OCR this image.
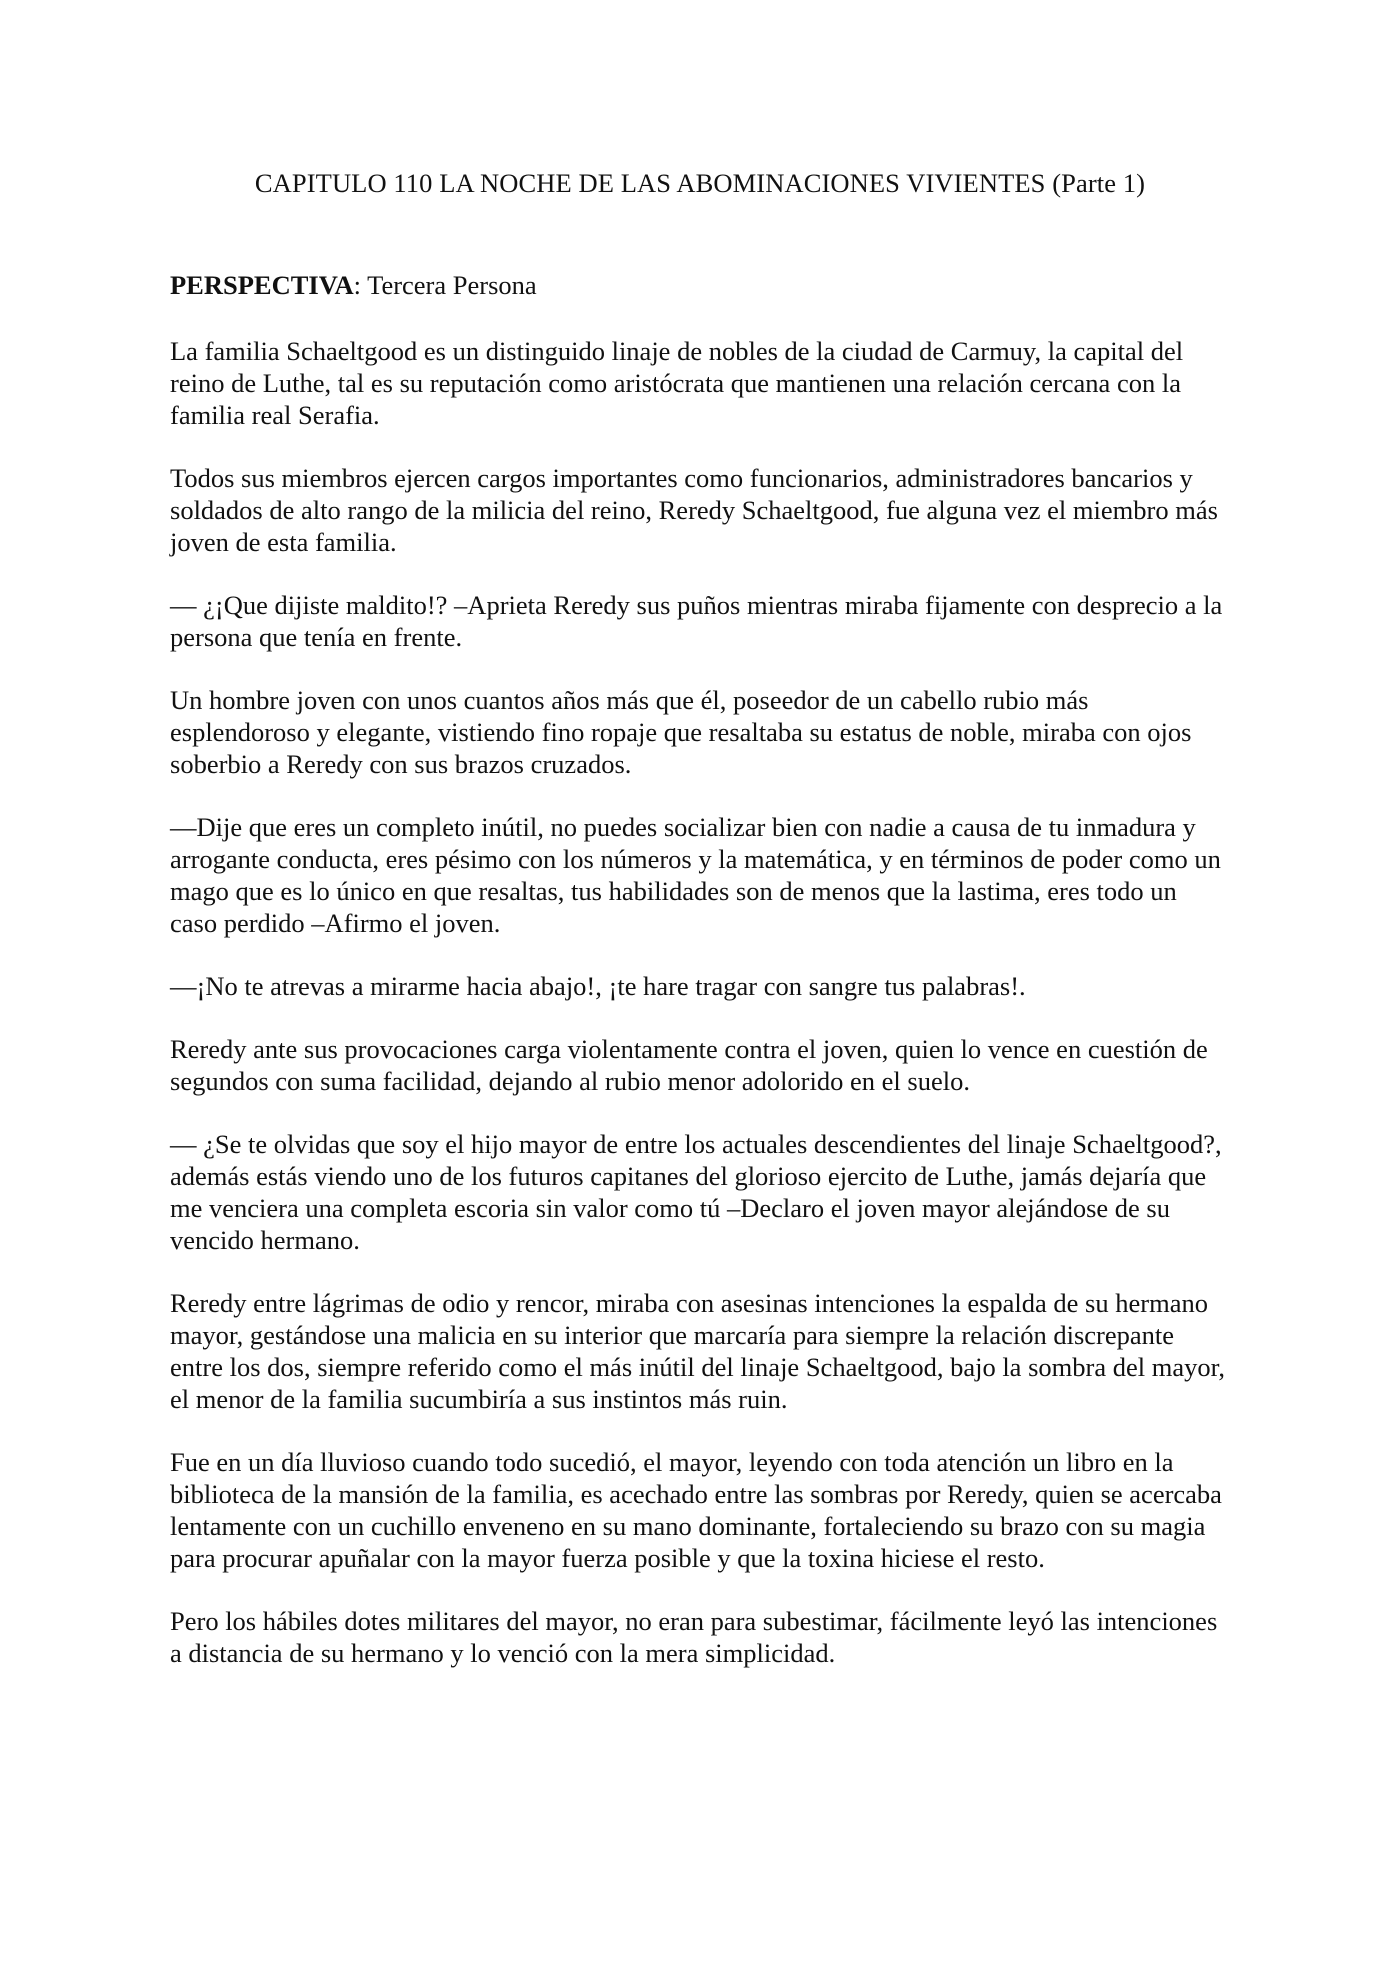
CAPITULO 110 LA NOCHE DE LAS ABOMINACIONES VIVIENTES (Parte 1)

PERSPECTIVA: Tercera Persona

La familia Schaeltgood es un distinguido linaje de nobles de la ciudad de Carmuy, la capital del reino de Luthe, tal es su reputación como aristócrata que mantienen una relación cercana con la familia real Serafia.

Todos sus miembros ejercen cargos importantes como funcionarios, administradores bancarios y soldados de alto rango de la milicia del reino, Reredy Schaeltgood, fue alguna vez el miembro más joven de esta familia.

— ¿¡Que dijiste maldito!? –Aprieta Reredy sus puños mientras miraba fijamente con desprecio a la persona que tenía en frente.

Un hombre joven con unos cuantos años más que él, poseedor de un cabello rubio más esplendoroso y elegante, vistiendo fino ropaje que resaltaba su estatus de noble, miraba con ojos soberbio a Reredy con sus brazos cruzados.

—Dije que eres un completo inútil, no puedes socializar bien con nadie a causa de tu inmadura y arrogante conducta, eres pésimo con los números y la matemática, y en términos de poder como un mago que es lo único en que resaltas, tus habilidades son de menos que la lastima, eres todo un caso perdido –Afirmo el joven.

—¡No te atrevas a mirarme hacia abajo!, ¡te hare tragar con sangre tus palabras!.

Reredy ante sus provocaciones carga violentamente contra el joven, quien lo vence en cuestión de segundos con suma facilidad, dejando al rubio menor adolorido en el suelo.

— ¿Se te olvidas que soy el hijo mayor de entre los actuales descendientes del linaje Schaeltgood?, además estás viendo uno de los futuros capitanes del glorioso ejercito de Luthe, jamás dejaría que me venciera una completa escoria sin valor como tú –Declaro el joven mayor alejándose de su vencido hermano.

Reredy entre lágrimas de odio y rencor, miraba con asesinas intenciones la espalda de su hermano mayor, gestándose una malicia en su interior que marcaría para siempre la relación discrepante entre los dos, siempre referido como el más inútil del linaje Schaeltgood, bajo la sombra del mayor, el menor de la familia sucumbiría a sus instintos más ruin.

Fue en un día lluvioso cuando todo sucedió, el mayor, leyendo con toda atención un libro en la biblioteca de la mansión de la familia, es acechado entre las sombras por Reredy, quien se acercaba lentamente con un cuchillo enveneno en su mano dominante, fortaleciendo su brazo con su magia para procurar apuñalar con la mayor fuerza posible y que la toxina hiciese el resto.

Pero los hábiles dotes militares del mayor, no eran para subestimar, fácilmente leyó las intenciones a distancia de su hermano y lo venció con la mera simplicidad.
